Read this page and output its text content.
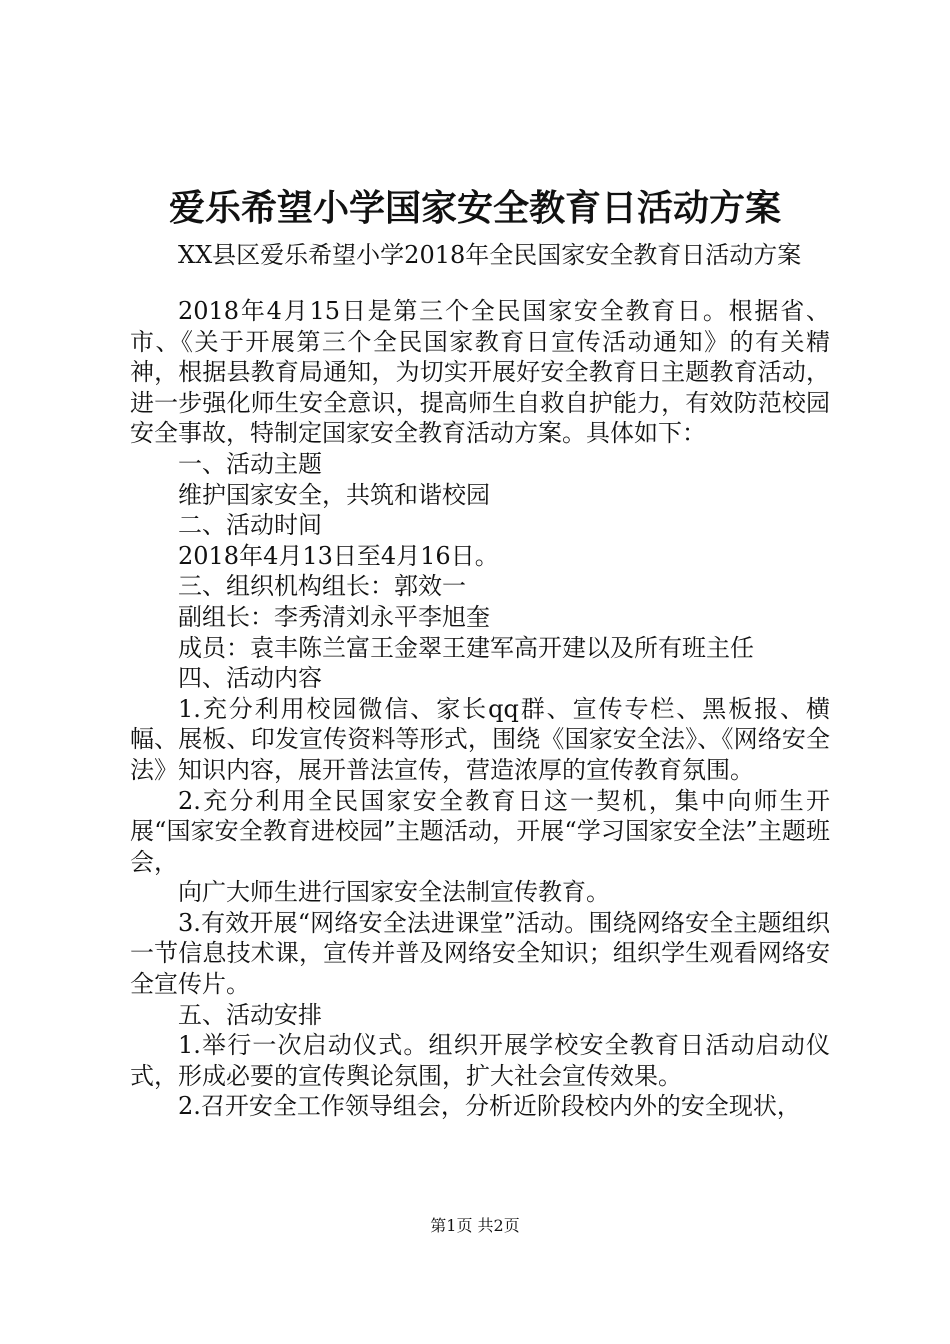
爱乐希望小学国家安全教育日活动方案
XX县区爱乐希望小学2018年全民国家安全教育日活动方案

2018年4月15日是第三个全民国家安全教育日。根据省、市、《关于开展第三个全民国家教育日宣传活动通知》的有关精神，根据县教育局通知，为切实开展好安全教育日主题教育活动，进一步强化师生安全意识，提高师生自救自护能力，有效防范校园安全事故，特制定国家安全教育活动方案。具体如下：

一、活动主题

维护国家安全，共筑和谐校园

二、活动时间

2018年4月13日至4月16日。

三、组织机构组长：郭效一

副组长：李秀清刘永平李旭奎

成员：袁丰陈兰富王金翠王建军高开建以及所有班主任

四、活动内容

1.充分利用校园微信、家长qq群、宣传专栏、黑板报、横幅、展板、印发宣传资料等形式，围绕《国家安全法》、《网络安全法》知识内容，展开普法宣传，营造浓厚的宣传教育氛围。

2.充分利用全民国家安全教育日这一契机，集中向师生开展“国家安全教育进校园”主题活动，开展“学习国家安全法”主题班会，

向广大师生进行国家安全法制宣传教育。

3.有效开展“网络安全法进课堂”活动。围绕网络安全主题组织一节信息技术课，宣传并普及网络安全知识；组织学生观看网络安全宣传片。

五、活动安排

1.举行一次启动仪式。组织开展学校安全教育日活动启动仪式，形成必要的宣传舆论氛围，扩大社会宣传效果。

2.召开安全工作领导组会，分析近阶段校内外的安全现状，

第1页 共2页
